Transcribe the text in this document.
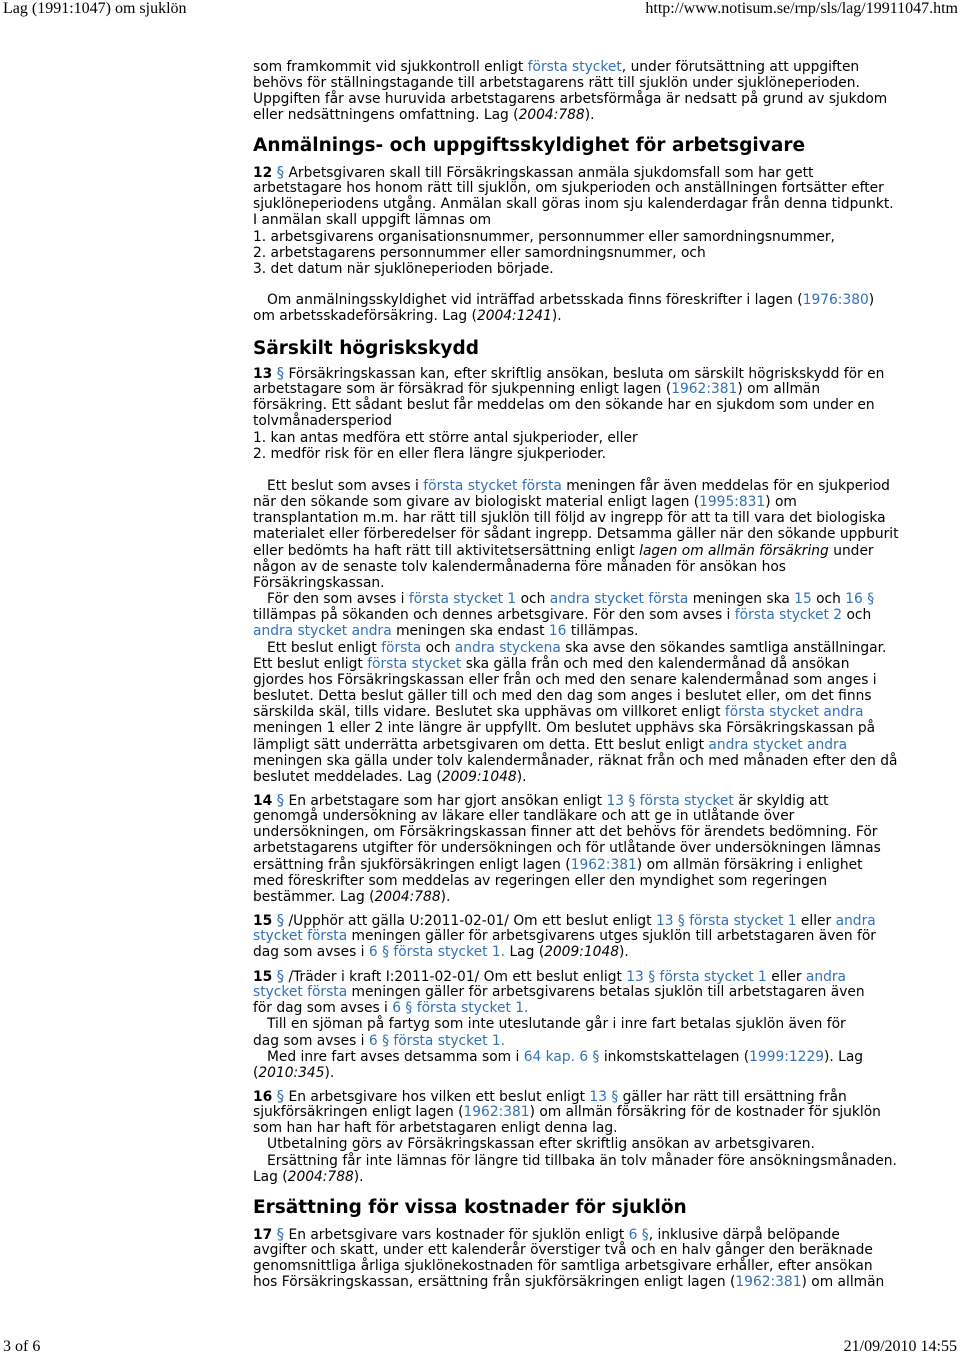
Lag (1991:1047) om sjuklön	http://www.notisum.se/rnp/sls/lag/19911047.htm
som framkommit vid sjukkontroll enligt första stycket, under förutsättning att uppgiften
behövs för ställningstagande till arbetstagarens rätt till sjuklön under sjuklöneperioden.
Uppgiften får avse huruvida arbetstagarens arbetsförmåga är nedsatt på grund av sjukdom
eller nedsättningens omfattning. Lag (2004:788).
Anmälnings- och uppgiftsskyldighet för arbetsgivare
12 § Arbetsgivaren skall till Försäkringskassan anmäla sjukdomsfall som har gett
arbetstagare hos honom rätt till sjuklön, om sjukperioden och anställningen fortsätter efter
sjuklöneperiodens utgång. Anmälan skall göras inom sju kalenderdagar från denna tidpunkt.
I anmälan skall uppgift lämnas om
1. arbetsgivarens organisationsnummer, personnummer eller samordningsnummer,
2. arbetstagarens personnummer eller samordningsnummer, och
3. det datum när sjuklöneperioden började.
Om anmälningsskyldighet vid inträffad arbetsskada finns föreskrifter i lagen (1976:380)
om arbetsskadeförsäkring. Lag (2004:1241).
Särskilt högriskskydd
13 § Försäkringskassan kan, efter skriftlig ansökan, besluta om särskilt högriskskydd för en
arbetstagare som är försäkrad för sjukpenning enligt lagen (1962:381) om allmän
försäkring. Ett sådant beslut får meddelas om den sökande har en sjukdom som under en
tolvmånadersperiod
1. kan antas medföra ett större antal sjukperioder, eller
2. medför risk för en eller flera längre sjukperioder.
Ett beslut som avses i första stycket första meningen får även meddelas för en sjukperiod
när den sökande som givare av biologiskt material enligt lagen (1995:831) om
transplantation m.m. har rätt till sjuklön till följd av ingrepp för att ta till vara det biologiska
materialet eller förberedelser för sådant ingrepp. Detsamma gäller när den sökande uppburit
eller bedömts ha haft rätt till aktivitetsersättning enligt lagen om allmän försäkring under
någon av de senaste tolv kalendermånaderna före månaden för ansökan hos
Försäkringskassan.
För den som avses i första stycket 1 och andra stycket första meningen ska 15 och 16 §
tillämpas på sökanden och dennes arbetsgivare. För den som avses i första stycket 2 och
andra stycket andra meningen ska endast 16 tillämpas.
Ett beslut enligt första och andra styckena ska avse den sökandes samtliga anställningar.
Ett beslut enligt första stycket ska gälla från och med den kalendermånad då ansökan
gjordes hos Försäkringskassan eller från och med den senare kalendermånad som anges i
beslutet. Detta beslut gäller till och med den dag som anges i beslutet eller, om det finns
särskilda skäl, tills vidare. Beslutet ska upphävas om villkoret enligt första stycket andra
meningen 1 eller 2 inte längre är uppfyllt. Om beslutet upphävs ska Försäkringskassan på
lämpligt sätt underrätta arbetsgivaren om detta. Ett beslut enligt andra stycket andra
meningen ska gälla under tolv kalendermånader, räknat från och med månaden efter den då
beslutet meddelades. Lag (2009:1048).
14 § En arbetstagare som har gjort ansökan enligt 13 § första stycket är skyldig att
genomgå undersökning av läkare eller tandläkare och att ge in utlåtande över
undersökningen, om Försäkringskassan finner att det behövs för ärendets bedömning. För
arbetstagarens utgifter för undersökningen och för utlåtande över undersökningen lämnas
ersättning från sjukförsäkringen enligt lagen (1962:381) om allmän försäkring i enlighet
med föreskrifter som meddelas av regeringen eller den myndighet som regeringen
bestämmer. Lag (2004:788).
15 § /Upphör att gälla U:2011-02-01/ Om ett beslut enligt 13 § första stycket 1 eller andra
stycket första meningen gäller för arbetsgivarens utges sjuklön till arbetstagaren även för
dag som avses i 6 § första stycket 1. Lag (2009:1048).
15 § /Träder i kraft I:2011-02-01/ Om ett beslut enligt 13 § första stycket 1 eller andra
stycket första meningen gäller för arbetsgivarens betalas sjuklön till arbetstagaren även
för dag som avses i 6 § första stycket 1.
Till en sjöman på fartyg som inte uteslutande går i inre fart betalas sjuklön även för
dag som avses i 6 § första stycket 1.
Med inre fart avses detsamma som i 64 kap. 6 § inkomstskattelagen (1999:1229). Lag
(2010:345).
16 § En arbetsgivare hos vilken ett beslut enligt 13 § gäller har rätt till ersättning från
sjukförsäkringen enligt lagen (1962:381) om allmän försäkring för de kostnader för sjuklön
som han har haft för arbetstagaren enligt denna lag.
Utbetalning görs av Försäkringskassan efter skriftlig ansökan av arbetsgivaren.
Ersättning får inte lämnas för längre tid tillbaka än tolv månader före ansökningsmånaden.
Lag (2004:788).
Ersättning för vissa kostnader för sjuklön
17 § En arbetsgivare vars kostnader för sjuklön enligt 6 §, inklusive därpå belöpande
avgifter och skatt, under ett kalenderår överstiger två och en halv gånger den beräknade
genomsnittliga årliga sjuklönekostnaden för samtliga arbetsgivare erhåller, efter ansökan
hos Försäkringskassan, ersättning från sjukförsäkringen enligt lagen (1962:381) om allmän
3 of 6	21/09/2010 14:55
